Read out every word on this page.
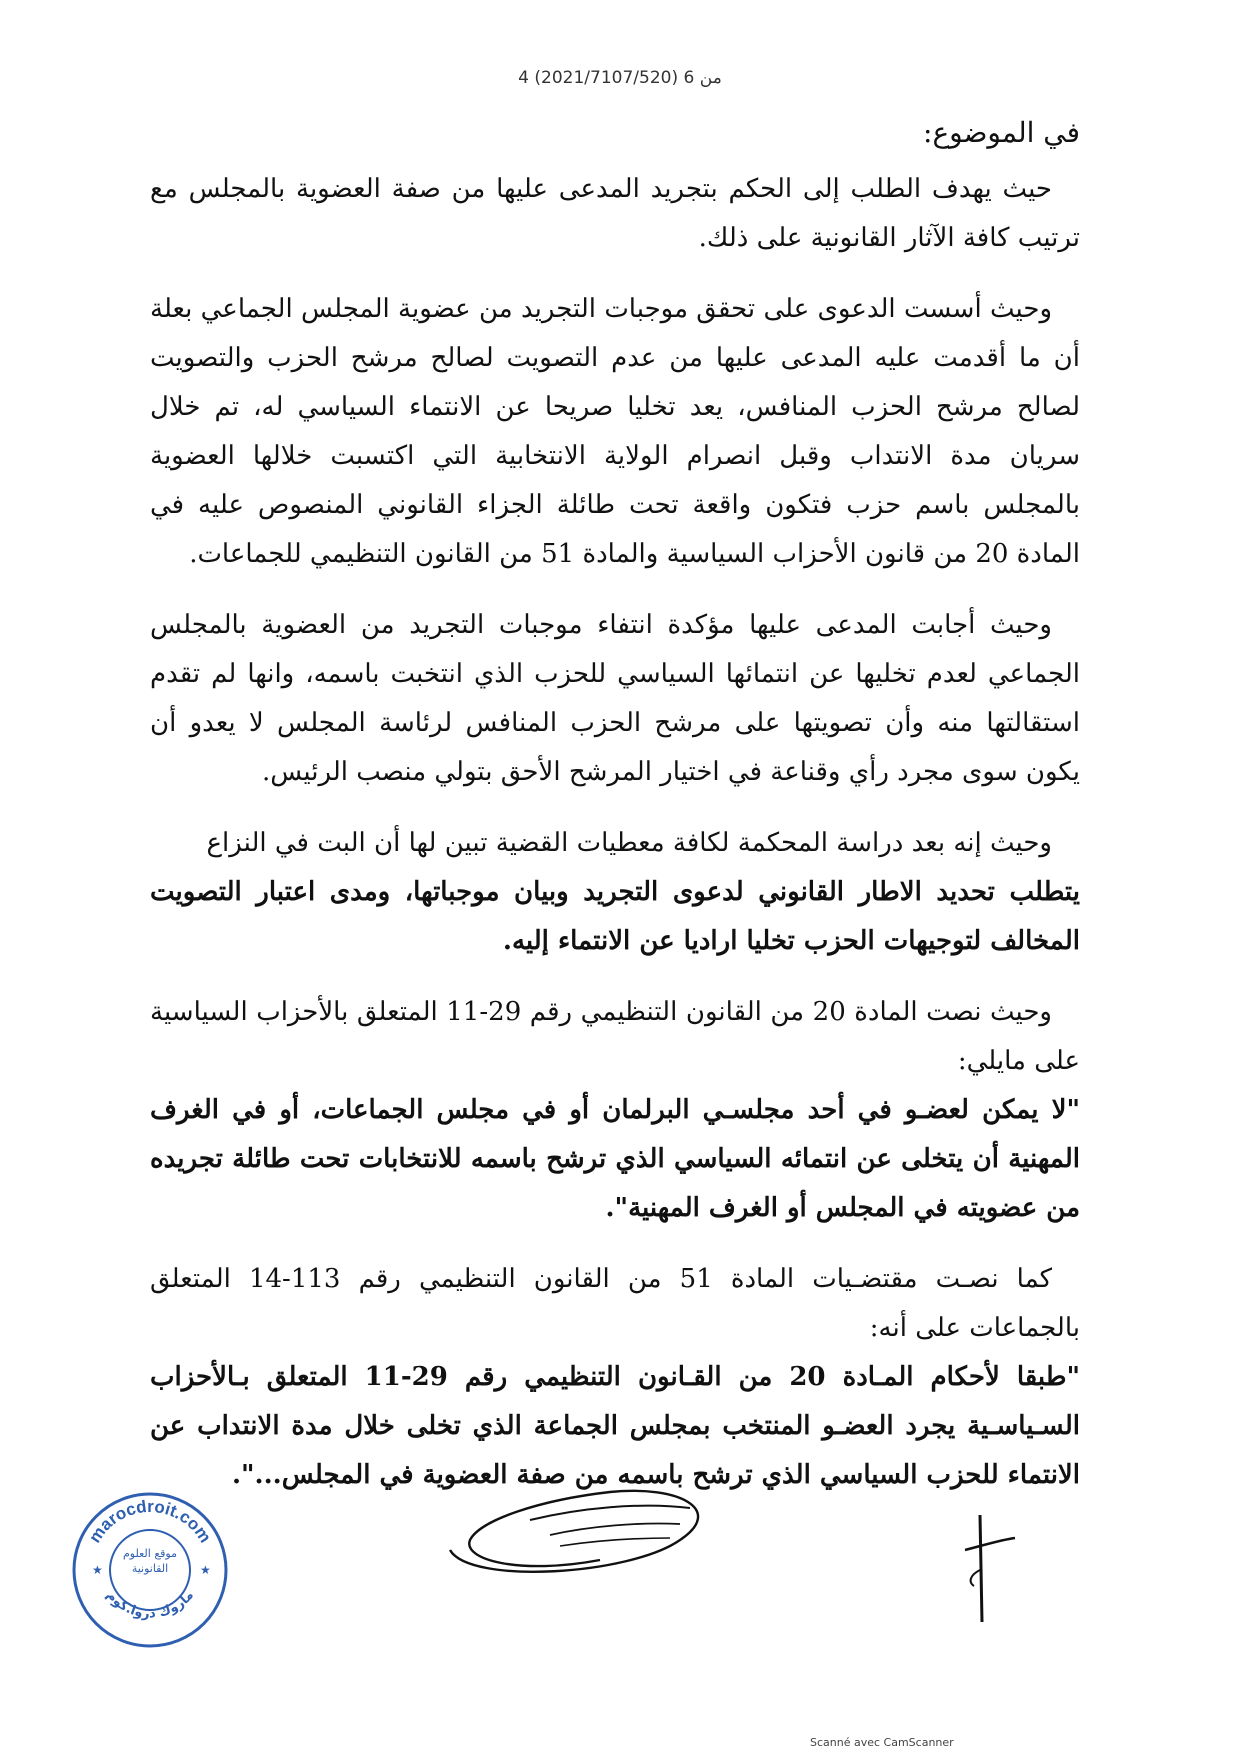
4 من 6 (2021/7107/520)

في الموضوع:

حيث يهدف الطلب إلى الحكم بتجريد المدعى عليها من صفة العضوية بالمجلس مع ترتيب كافة الآثار القانونية على ذلك.

وحيث أسست الدعوى على تحقق موجبات التجريد من عضوية المجلس الجماعي بعلة أن ما أقدمت عليه المدعى عليها من عدم التصويت لصالح مرشح الحزب والتصويت لصالح مرشح الحزب المنافس، يعد تخليا صريحا عن الانتماء السياسي له، تم خلال سريان مدة الانتداب وقبل انصرام الولاية الانتخابية التي اكتسبت خلالها العضوية بالمجلس باسم حزب فتكون واقعة تحت طائلة الجزاء القانوني المنصوص عليه في المادة 20 من قانون الأحزاب السياسية والمادة 51 من القانون التنظيمي للجماعات.

وحيث أجابت المدعى عليها مؤكدة انتفاء موجبات التجريد من العضوية بالمجلس الجماعي لعدم تخليها عن انتمائها السياسي للحزب الذي انتخبت باسمه، وانها لم تقدم استقالتها منه وأن تصويتها على مرشح الحزب المنافس لرئاسة المجلس لا يعدو أن يكون سوى مجرد رأي وقناعة في اختيار المرشح الأحق بتولي منصب الرئيس.

وحيث إنه بعد دراسة المحكمة لكافة معطيات القضية تبين لها أن البت في النزاع

يتطلب تحديد الاطار القانوني لدعوى التجريد وبيان موجباتها، ومدى اعتبار التصويت المخالف لتوجيهات الحزب تخليا اراديا عن الانتماء إليه.

وحيث نصت المادة 20 من القانون التنظيمي رقم 29-11 المتعلق بالأحزاب السياسية على مايلي:

"لا يمكن لعضـو في أحد مجلسـي البرلمان أو في مجلس الجماعات، أو في الغرف المهنية أن يتخلى عن انتمائه السياسي الذي ترشح باسمه للانتخابات تحت طائلة تجريده من عضويته في المجلس أو الغرف المهنية".

كما نصـت مقتضـيات المادة 51 من القانون التنظيمي رقم 113-14 المتعلق بالجماعات على أنه:

"طبقا لأحكام المـادة 20 من القـانون التنظيمي رقم 29-11 المتعلق بـالأحزاب السـياسـية يجرد العضـو المنتخب بمجلس الجماعة الذي تخلى خلال مدة الانتداب عن الانتماء للحزب السياسي الذي ترشح باسمه من صفة العضوية في المجلس...".

marocdroit.com
ماروك دروا.كوم
★	★
موقع العلوم القانونية
Scanné avec CamScanner
